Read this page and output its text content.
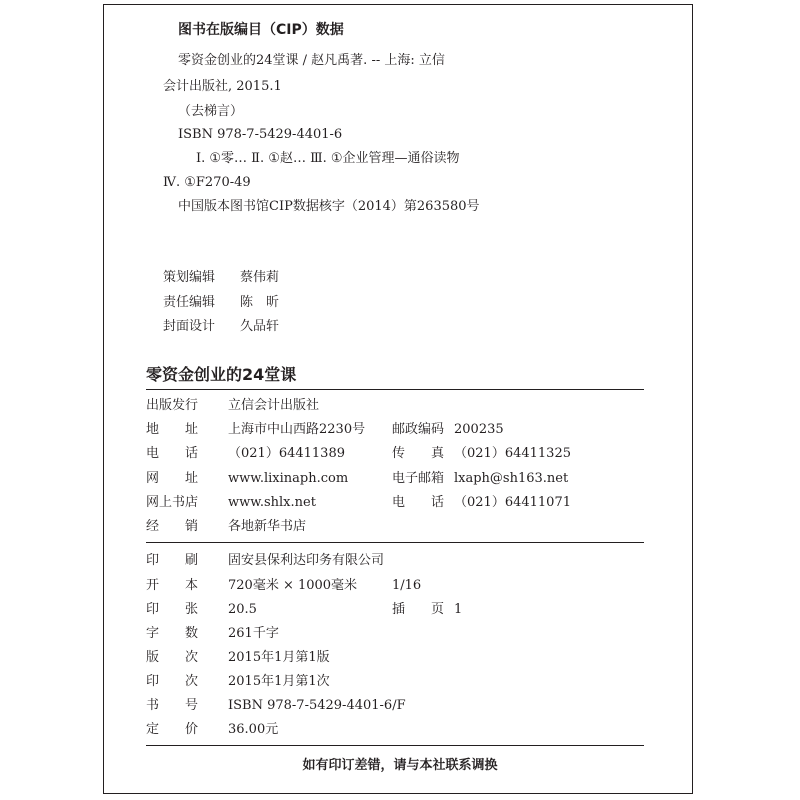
图书在版编目（CIP）数据
零资金创业的24堂课 / 赵凡禹著. -- 上海: 立信
会计出版社, 2015.1
（去梯言）
ISBN 978-7-5429-4401-6
Ⅰ. ①零… Ⅱ. ①赵… Ⅲ. ①企业管理—通俗读物
Ⅳ. ①F270-49
中国版本图书馆CIP数据核字（2014）第263580号
策划编辑 蔡伟莉
责任编辑 陈　昕
封面设计 久品轩
零资金创业的24堂课
出版发行 立信会计出版社
地　　址 上海市中山西路2230号 邮政编码 200235
电　　话 （021）64411389	传　　真 （021）64411325
网　　址 www.lixinaph.com	电子邮箱 lxaph@sh163.net
网上书店 www.shlx.net	电　　话 （021）64411071
经　　销 各地新华书店
印　　刷 固安县保利达印务有限公司
开　　本 720毫米 × 1000毫米	1/16
印　　张 20.5	插　　页 1
字　　数 261千字
版　　次 2015年1月第1版
印　　次 2015年1月第1次
书　　号 ISBN 978-7-5429-4401-6/F
定　　价 36.00元
如有印订差错，请与本社联系调换
